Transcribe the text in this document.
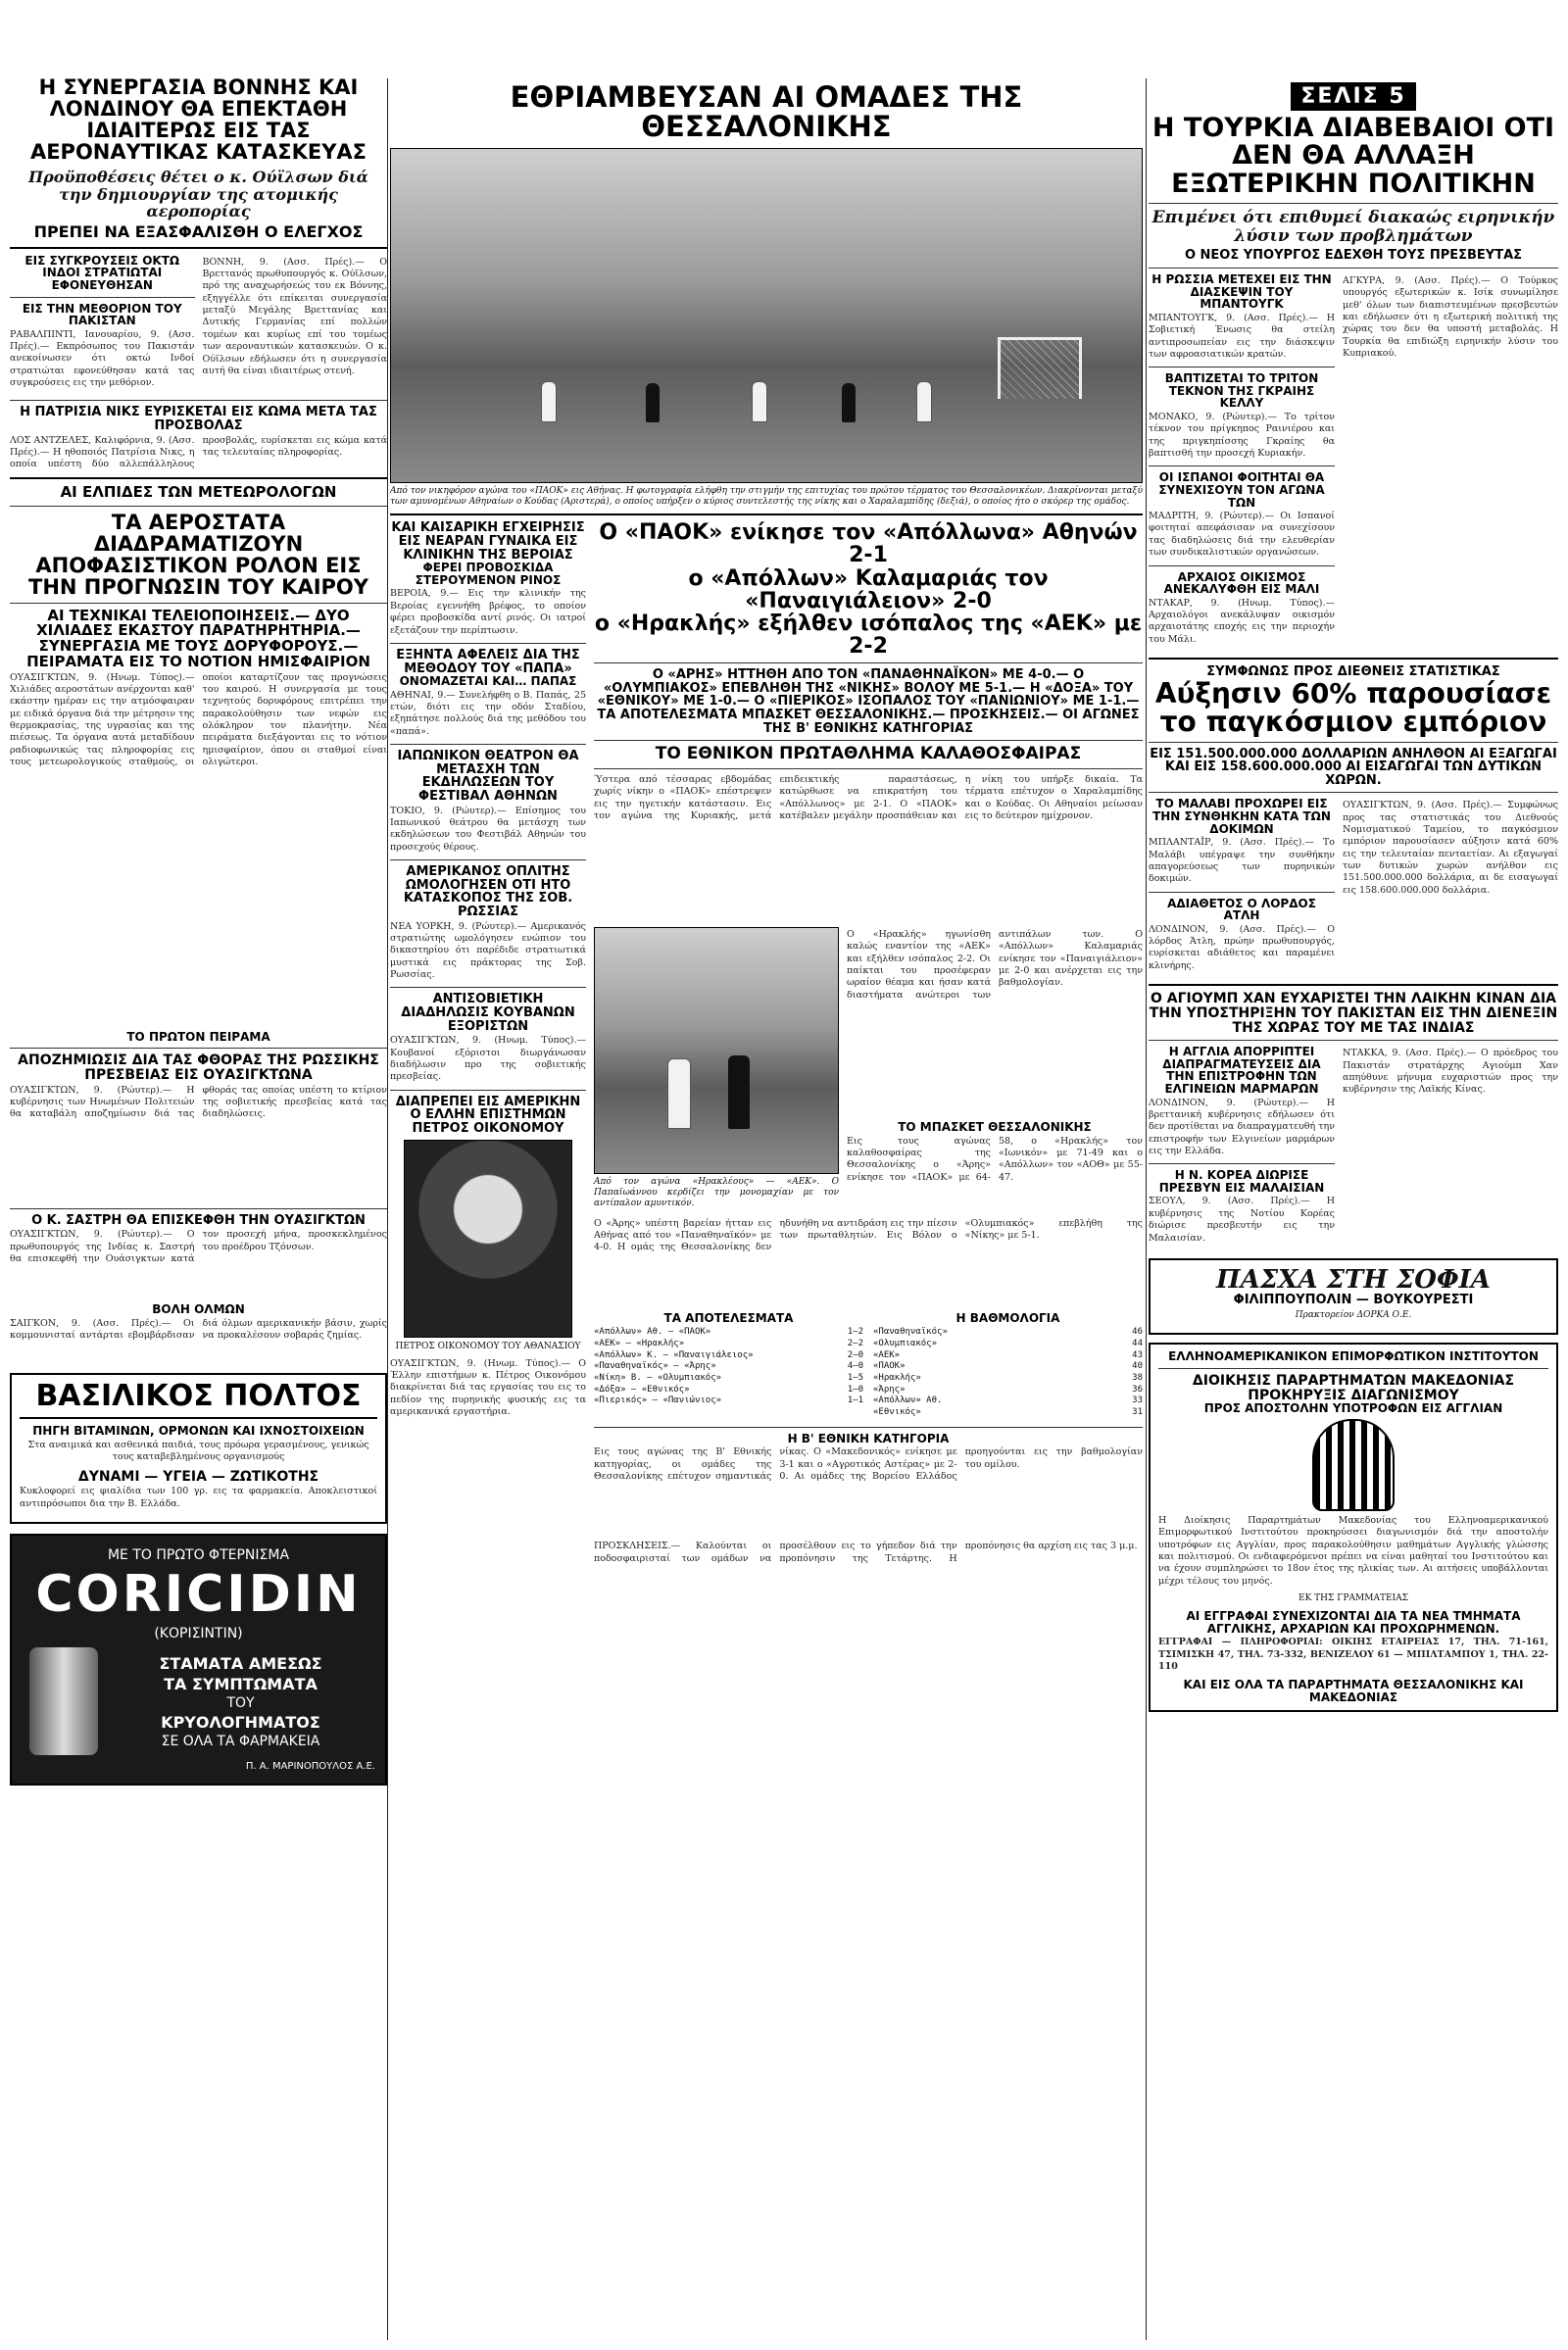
Η ΣΥΝΕΡΓΑΣΙΑ ΒΟΝΝΗΣ ΚΑΙ ΛΟΝΔΙΝΟΥ ΘΑ ΕΠΕΚΤΑΘΗ ΙΔΙΑΙΤΕΡΩΣ ΕΙΣ ΤΑΣ ΑΕΡΟΝΑΥΤΙΚΑΣ ΚΑΤΑΣΚΕΥΑΣ

Προϋποθέσεις θέτει ο κ. Ούϊλσων διά την δημιουργίαν της ατομικής αεροπορίας

ΠΡΕΠΕΙ ΝΑ ΕΞΑΣΦΑΛΙΣΘΗ Ο ΕΛΕΓΧΟΣ
ΕΙΣ ΣΥΓΚΡΟΥΣΕΙΣ ΟΚΤΩ ΙΝΔΟΙ ΣΤΡΑΤΙΩΤΑΙ ΕΦΟΝΕΥΘΗΣΑΝ
ΕΙΣ ΤΗΝ ΜΕΘΟΡΙΟΝ ΤΟΥ ΠΑΚΙΣΤΑΝ

ΡΑΒΑΛΠΙΝΤΙ, Ιανουαρίου, 9. (Ασσ. Πρές).— Εκπρόσωπος του Πακιστάν ανεκοίνωσεν ότι οκτώ Ινδοί στρατιώται εφονεύθησαν κατά τας συγκρούσεις εις την μεθόριον.

ΒΟΝΝΗ, 9. (Ασσ. Πρές).— Ο Βρεττανός πρωθυπουργός κ. Ούϊλσων, πρό της αναχωρήσεώς του εκ Βόννης, εξηγγέλλε ότι επίκειται συνεργασία μεταξύ Μεγάλης Βρεττανίας και Δυτικής Γερμανίας επί πολλών τομέων και κυρίως επί του τομέως των αεροναυτικών κατασκευών. Ο κ. Ούϊλσων εδήλωσεν ότι η συνεργασία αυτή θα είναι ιδιαιτέρως στενή.

Η ΠΑΤΡΙΣΙΑ ΝΙΚΣ ΕΥΡΙΣΚΕΤΑΙ ΕΙΣ ΚΩΜΑ ΜΕΤΑ ΤΑΣ ΠΡΟΣΒΟΛΑΣ

ΛΟΣ ΑΝΤΖΕΛΕΣ, Καλιφόρνια, 9. (Ασσ. Πρές).— Η ηθοποιός Πατρίσια Νικς, η οποία υπέστη δύο αλλεπάλληλους προσβολάς, ευρίσκεται εις κώμα κατά τας τελευταίας πληροφορίας.

ΑΙ ΕΛΠΙΔΕΣ ΤΩΝ ΜΕΤΕΩΡΟΛΟΓΩΝ
ΤΑ ΑΕΡΟΣΤΑΤΑ ΔΙΑΔΡΑΜΑΤΙΖΟΥΝ ΑΠΟΦΑΣΙΣΤΙΚΟΝ ΡΟΛΟΝ ΕΙΣ ΤΗΝ ΠΡΟΓΝΩΣΙΝ ΤΟΥ ΚΑΙΡΟΥ
ΑΙ ΤΕΧΝΙΚΑΙ ΤΕΛΕΙΟΠΟΙΗΣΕΙΣ.— ΔΥΟ ΧΙΛΙΑΔΕΣ ΕΚΑΣΤΟΥ ΠΑΡΑΤΗΡΗΤΗΡΙΑ.— ΣΥΝΕΡΓΑΣΙΑ ΜΕ ΤΟΥΣ ΔΟΡΥΦΟΡΟΥΣ.— ΠΕΙΡΑΜΑΤΑ ΕΙΣ ΤΟ ΝΟΤΙΟΝ ΗΜΙΣΦΑΙΡΙΟΝ

ΟΥΑΣΙΓΚΤΩΝ, 9. (Ηνωμ. Τύπος).— Χιλιάδες αεροστάτων ανέρχονται καθ' εκάστην ημέραν εις την ατμόσφαιραν με ειδικά όργανα διά την μέτρησιν της θερμοκρασίας, της υγρασίας και της πιέσεως. Τα όργανα αυτά μεταδίδουν ραδιοφωνικώς τας πληροφορίας εις τους μετεωρολογικούς σταθμούς, οι οποίοι καταρτίζουν τας προγνώσεις του καιρού. Η συνεργασία με τους τεχνητούς δορυφόρους επιτρέπει την παρακολούθησιν των νεφών εις ολόκληρον τον πλανήτην. Νέα πειράματα διεξάγονται εις το νότιον ημισφαίριον, όπου οι σταθμοί είναι ολιγώτεροι.

ΤΟ ΠΡΩΤΟΝ ΠΕΙΡΑΜΑ
ΑΠΟΖΗΜΙΩΣΙΣ ΔΙΑ ΤΑΣ ΦΘΟΡΑΣ ΤΗΣ ΡΩΣΣΙΚΗΣ ΠΡΕΣΒΕΙΑΣ ΕΙΣ ΟΥΑΣΙΓΚΤΩΝΑ

ΟΥΑΣΙΓΚΤΩΝ, 9. (Ρώυτερ).— Η κυβέρνησις των Ηνωμένων Πολιτειών θα καταβάλη αποζημίωσιν διά τας φθοράς τας οποίας υπέστη το κτίριον της σοβιετικής πρεσβείας κατά τας διαδηλώσεις.

Ο Κ. ΣΑΣΤΡΗ ΘΑ ΕΠΙΣΚΕΦΘΗ ΤΗΝ ΟΥΑΣΙΓΚΤΩΝ

ΟΥΑΣΙΓΚΤΩΝ, 9. (Ρώυτερ).— Ο πρωθυπουργός της Ινδίας κ. Σαστρή θα επισκεφθή την Ουάσιγκτων κατά τον προσεχή μήνα, προσκεκλημένος του προέδρου Τζόνσων.

ΒΟΛΗ ΟΛΜΩΝ

ΣΑΙΓΚΟΝ, 9. (Ασσ. Πρές).— Οι κομμουνισταί αντάρται εβομβάρδισαν διά όλμων αμερικανικήν βάσιν, χωρίς να προκαλέσουν σοβαράς ζημίας.

ΒΑΣΙΛΙΚΟΣ ΠΟΛΤΟΣ
ΠΗΓΗ ΒΙΤΑΜΙΝΩΝ, ΟΡΜΟΝΩΝ ΚΑΙ ΙΧΝΟΣΤΟΙΧΕΙΩΝ

Στα αναιμικά και ασθενικά παιδιά, τους πρόωρα γερασμένους, γενικώς τους καταβεβλημένους οργανισμούς

ΔΥΝΑΜΙ — ΥΓΕΙΑ — ΖΩΤΙΚΟΤΗΣ

Κυκλοφορεί εις φιαλίδια των 100 γρ. εις τα φαρμακεία. Αποκλειστικοί αντιπρόσωποι δια την Β. Ελλάδα.

ΜΕ ΤΟ ΠΡΩΤΟ ΦΤΕΡΝΙΣΜΑ

CORICIDIN

(ΚΟΡΙΣΙΝΤΙΝ)

ΣΤΑΜΑΤΑ ΑΜΕΣΩΣ

ΤΑ ΣΥΜΠΤΩΜΑΤΑ

ΤΟΥ

ΚΡΥΟΛΟΓΗΜΑΤΟΣ

ΣΕ ΟΛΑ ΤΑ ΦΑΡΜΑΚΕΙΑ

Π. Α. ΜΑΡΙΝΟΠΟΥΛΟΣ Α.Ε.

ΕΘΡΙΑΜΒΕΥΣΑΝ ΑΙ ΟΜΑΔΕΣ ΤΗΣ ΘΕΣΣΑΛΟΝΙΚΗΣ

Από τον νικηφόρον αγώνα του «ΠΑΟΚ» εις Αθήνας. Η φωτογραφία ελήφθη την στιγμήν της επιτυχίας του πρώτου τέρματος του Θεσσαλονικέων. Διακρίνονται μεταξύ των αμυνομένων Αθηναίων ο Κούδας (Αριστερά), ο οποίος υπήρξεν ο κύριος συντελεστής της νίκης και ο Χαραλαμπίδης (δεξιά), ο οποίος ήτο ο σκόρερ της ομάδος.

ΚΑΙ ΚΑΙΣΑΡΙΚΗ ΕΓΧΕΙΡΗΣΙΣ ΕΙΣ ΝΕΑΡΑΝ ΓΥΝΑΙΚΑ ΕΙΣ ΚΛΙΝΙΚΗΝ ΤΗΣ ΒΕΡΟΙΑΣ
ΦΕΡΕΙ ΠΡΟΒΟΣΚΙΔΑ ΣΤΕΡΟΥΜΕΝΟΝ ΡΙΝΟΣ

ΒΕΡΟΙΑ, 9.— Εις την κλινικήν της Βεροίας εγεννήθη βρέφος, το οποίον φέρει προβοσκίδα αντί ρινός. Οι ιατροί εξετάζουν την περίπτωσιν.

ΕΞΗΝΤΑ ΑΦΕΛΕΙΣ ΔΙΑ ΤΗΣ ΜΕΘΟΔΟΥ ΤΟΥ «ΠΑΠΑ»
ΟΝΟΜΑΖΕΤΑΙ ΚΑΙ… ΠΑΠΑΣ

ΑΘΗΝΑΙ, 9.— Συνελήφθη ο Β. Παπάς, 25 ετών, διότι εις την οδόν Σταδίου, εξηπάτησε πολλούς διά της μεθόδου του «παπά».

ΙΑΠΩΝΙΚΟΝ ΘΕΑΤΡΟΝ ΘΑ ΜΕΤΑΣΧΗ ΤΩΝ ΕΚΔΗΛΩΣΕΩΝ ΤΟΥ ΦΕΣΤΙΒΑΛ ΑΘΗΝΩΝ

ΤΟΚΙΟ, 9. (Ρώυτερ).— Επίσημος του Ιαπωνικού θεάτρου θα μετάσχη των εκδηλώσεων του Φεστιβάλ Αθηνών του προσεχούς θέρους.

ΑΜΕΡΙΚΑΝΟΣ ΟΠΛΙΤΗΣ ΩΜΟΛΟΓΗΣΕΝ ΟΤΙ ΗΤΟ ΚΑΤΑΣΚΟΠΟΣ ΤΗΣ ΣΟΒ. ΡΩΣΣΙΑΣ

ΝΕΑ ΥΟΡΚΗ, 9. (Ρώυτερ).— Αμερικανός στρατιώτης ωμολόγησεν ενώπιον του δικαστηρίου ότι παρέδιδε στρατιωτικά μυστικά εις πράκτορας της Σοβ. Ρωσσίας.

ΑΝΤΙΣΟΒΙΕΤΙΚΗ ΔΙΑΔΗΛΩΣΙΣ ΚΟΥΒΑΝΩΝ ΕΞΟΡΙΣΤΩΝ

ΟΥΑΣΙΓΚΤΩΝ, 9. (Ηνωμ. Τύπος).— Κουβανοί εξόριστοι διωργάνωσαν διαδήλωσιν προ της σοβιετικής πρεσβείας.

ΔΙΑΠΡΕΠΕΙ ΕΙΣ ΑΜΕΡΙΚΗΝ Ο ΕΛΛΗΝ ΕΠΙΣΤΗΜΩΝ ΠΕΤΡΟΣ ΟΙΚΟΝΟΜΟΥ

ΠΕΤΡΟΣ ΟΙΚΟΝΟΜΟΥ ΤΟΥ ΑΘΑΝΑΣΙΟΥ

ΟΥΑΣΙΓΚΤΩΝ, 9. (Ηνωμ. Τύπος).— Ο Έλλην επιστήμων κ. Πέτρος Οικονόμου διακρίνεται διά τας εργασίας του εις το πεδίον της πυρηνικής φυσικής εις τα αμερικανικά εργαστήρια.

Ο «ΠΑΟΚ» ενίκησε τον «Απόλλωνα» Αθηνών 2-1
ο «Απόλλων» Καλαμαριάς τον «Παναιγιάλειον» 2-0
ο «Ηρακλής» εξήλθεν ισόπαλος της «ΑΕΚ» με 2-2
Ο «ΑΡΗΣ» ΗΤΤΗΘΗ ΑΠΟ ΤΟΝ «ΠΑΝΑΘΗΝΑΪΚΟΝ» ΜΕ 4-0.— Ο «ΟΛΥΜΠΙΑΚΟΣ» ΕΠΕΒΛΗΘΗ ΤΗΣ «ΝΙΚΗΣ» ΒΟΛΟΥ ΜΕ 5-1.— Η «ΔΟΞΑ» ΤΟΥ «ΕΘΝΙΚΟΥ» ΜΕ 1-0.— Ο «ΠΙΕΡΙΚΟΣ» ΙΣΟΠΑΛΟΣ ΤΟΥ «ΠΑΝΙΩΝΙΟΥ» ΜΕ 1-1.— ΤΑ ΑΠΟΤΕΛΕΣΜΑΤΑ ΜΠΑΣΚΕΤ ΘΕΣΣΑΛΟΝΙΚΗΣ.— ΠΡΟΣΚΗΣΕΙΣ.— ΟΙ ΑΓΩΝΕΣ ΤΗΣ Β' ΕΘΝΙΚΗΣ ΚΑΤΗΓΟΡΙΑΣ
ΤΟ ΕΘΝΙΚΟΝ ΠΡΩΤΑΘΛΗΜΑ ΚΑΛΑΘΟΣΦΑΙΡΑΣ

Ύστερα από τέσσαρας εβδομάδας χωρίς νίκην ο «ΠΑΟΚ» επέστρεψεν εις την ηγετικήν κατάστασιν. Εις τον αγώνα της Κυριακής, μετά επιδεικτικής παραστάσεως, κατώρθωσε να επικρατήση του «Απόλλωνος» με 2-1. Ο «ΠΑΟΚ» κατέβαλεν μεγάλην προσπάθειαν και η νίκη του υπήρξε δικαία. Τα τέρματα επέτυχον ο Χαραλαμπίδης και ο Κούδας. Οι Αθηναίοι μείωσαν εις το δεύτερον ημίχρονον.

Από τον αγώνα «Ηρακλέους» — «ΑΕΚ». Ο Παπαϊωάννου κερδίζει την μονομαχίαν με τον αντίπαλον αμυντικόν.

Ο «Ηρακλής» ηγωνίσθη καλώς εναντίον της «ΑΕΚ» και εξήλθεν ισόπαλος 2-2. Οι παίκται του προσέφεραν ωραίον θέαμα και ήσαν κατά διαστήματα ανώτεροι των αντιπάλων των. Ο «Απόλλων» Καλαμαριάς ενίκησε τον «Παναιγιάλειον» με 2-0 και ανέρχεται εις την βαθμολογίαν.

ΤΟ ΜΠΑΣΚΕΤ ΘΕΣΣΑΛΟΝΙΚΗΣ

Εις τους αγώνας καλαθοσφαίρας της Θεσσαλονίκης ο «Άρης» ενίκησε τον «ΠΑΟΚ» με 64-58, ο «Ηρακλής» τον «Ιωνικόν» με 71-49 και ο «Απόλλων» τον «ΑΟΘ» με 55-47.

Ο «Άρης» υπέστη βαρείαν ήτταν εις Αθήνας από τον «Παναθηναϊκόν» με 4-0. Η ομάς της Θεσσαλονίκης δεν ηδυνήθη να αντιδράση εις την πίεσιν των πρωταθλητών. Εις Βόλον ο «Ολυμπιακός» επεβλήθη της «Νίκης» με 5-1.

ΤΑ ΑΠΟΤΕΛΕΣΜΑΤΑ
«Απόλλων» Αθ. — «ΠΑΟΚ»	1—2
«ΑΕΚ» — «Ηρακλής»	2—2
«Απόλλων» Κ. — «Παναιγιάλειος»	2—0
«Παναθηναϊκός» — «Άρης»	4—0
«Νίκη» Β. — «Ολυμπιακός»	1—5
«Δόξα» — «Εθνικός»	1—0
«Πιερικός» — «Πανιώνιος»	1—1
Η ΒΑΘΜΟΛΟΓΙΑ
«Παναθηναϊκός»	46
«Ολυμπιακός»	44
«ΑΕΚ»	43
«ΠΑΟΚ»	40
«Ηρακλής»	38
«Άρης»	36
«Απόλλων» Αθ.	33
«Εθνικός»	31
Η Β' ΕΘΝΙΚΗ ΚΑΤΗΓΟΡΙΑ

Εις τους αγώνας της Β' Εθνικής κατηγορίας, οι ομάδες της Θεσσαλονίκης επέτυχον σημαντικάς νίκας. Ο «Μακεδονικός» ενίκησε με 3-1 και ο «Αγροτικός Αστέρας» με 2-0. Αι ομάδες της Βορείου Ελλάδος προηγούνται εις την βαθμολογίαν του ομίλου.

ΠΡΟΣΚΛΗΣΕΙΣ.— Καλούνται οι ποδοσφαιρισταί των ομάδων να προσέλθουν εις το γήπεδον διά την προπόνησιν της Τετάρτης. Η προπόνησις θα αρχίση εις τας 3 μ.μ.

ΣΕΛΙΣ 5
Η ΤΟΥΡΚΙΑ ΔΙΑΒΕΒΑΙΟΙ ΟΤΙ ΔΕΝ ΘΑ ΑΛΛΑΞΗ ΕΞΩΤΕΡΙΚΗΝ ΠΟΛΙΤΙΚΗΝ

Επιμένει ότι επιθυμεί διακαώς ειρηνικήν λύσιν των προβλημάτων

Ο ΝΕΟΣ ΥΠΟΥΡΓΟΣ ΕΔΕΧΘΗ ΤΟΥΣ ΠΡΕΣΒΕΥΤΑΣ
Η ΡΩΣΣΙΑ ΜΕΤΕΧΕΙ ΕΙΣ ΤΗΝ ΔΙΑΣΚΕΨΙΝ ΤΟΥ ΜΠΑΝΤΟΥΓΚ

ΜΠΑΝΤΟΥΓΚ, 9. (Ασσ. Πρές).— Η Σοβιετική Ένωσις θα στείλη αντιπροσωπείαν εις την διάσκεψιν των αφροασιατικών κρατών.

ΒΑΠΤΙΖΕΤΑΙ ΤΟ ΤΡΙΤΟΝ ΤΕΚΝΟΝ ΤΗΣ ΓΚΡΑΙΗΣ ΚΕΛΛΥ

ΜΟΝΑΚΟ, 9. (Ρώυτερ).— Το τρίτον τέκνον του πρίγκηπος Ραινιέρου και της πριγκηπίσσης Γκραίης θα βαπτισθή την προσεχή Κυριακήν.

ΟΙ ΙΣΠΑΝΟΙ ΦΟΙΤΗΤΑΙ ΘΑ ΣΥΝΕΧΙΣΟΥΝ ΤΟΝ ΑΓΩΝΑ ΤΩΝ

ΜΑΔΡΙΤΗ, 9. (Ρώυτερ).— Οι Ισπανοί φοιτηταί απεφάσισαν να συνεχίσουν τας διαδηλώσεις διά την ελευθερίαν των συνδικαλιστικών οργανώσεων.

ΑΡΧΑΙΟΣ ΟΙΚΙΣΜΟΣ ΑΝΕΚΑΛΥΦΘΗ ΕΙΣ ΜΑΛΙ

ΝΤΑΚΑΡ, 9. (Ηνωμ. Τύπος).— Αρχαιολόγοι ανεκάλυψαν οικισμόν αρχαιοτάτης εποχής εις την περιοχήν του Μάλι.

ΑΓΚΥΡΑ, 9. (Ασσ. Πρές).— Ο Τούρκος υπουργός εξωτερικών κ. Ισίκ συνωμίλησε μεθ' όλων των διαπιστευμένων πρεσβευτών και εδήλωσεν ότι η εξωτερική πολιτική της χώρας του δεν θα υποστή μεταβολάς. Η Τουρκία θα επιδιώξη ειρηνικήν λύσιν του Κυπριακού.

ΣΥΜΦΩΝΩΣ ΠΡΟΣ ΔΙΕΘΝΕΙΣ ΣΤΑΤΙΣΤΙΚΑΣ
Αύξησιν 60% παρουσίασε το παγκόσμιον εμπόριον
ΕΙΣ 151.500.000.000 ΔΟΛΛΑΡΙΩΝ ΑΝΗΛΘΟΝ ΑΙ ΕΞΑΓΩΓΑΙ ΚΑΙ ΕΙΣ 158.600.000.000 ΑΙ ΕΙΣΑΓΩΓΑΙ ΤΩΝ ΔΥΤΙΚΩΝ ΧΩΡΩΝ.
ΤΟ ΜΑΛΑΒΙ ΠΡΟΧΩΡΕΙ ΕΙΣ ΤΗΝ ΣΥΝΘΗΚΗΝ ΚΑΤΑ ΤΩΝ ΔΟΚΙΜΩΝ

ΜΠΛΑΝΤΑΪΡ, 9. (Ασσ. Πρές).— Το Μαλάβι υπέγραψε την συνθήκην απαγορεύσεως των πυρηνικών δοκιμών.

ΑΔΙΑΘΕΤΟΣ Ο ΛΟΡΔΟΣ ΑΤΛΗ

ΛΟΝΔΙΝΟΝ, 9. (Ασσ. Πρές).— Ο λόρδος Άτλη, πρώην πρωθυπουργός, ευρίσκεται αδιάθετος και παραμένει κλινήρης.

ΟΥΑΣΙΓΚΤΩΝ, 9. (Ασσ. Πρές).— Συμφώνως προς τας στατιστικάς του Διεθνούς Νομισματικού Ταμείου, το παγκόσμιον εμπόριον παρουσίασεν αύξησιν κατά 60% εις την τελευταίαν πενταετίαν. Αι εξαγωγαί των δυτικών χωρών ανήλθον εις 151.500.000.000 δολλάρια, αι δε εισαγωγαί εις 158.600.000.000 δολλάρια.

Ο ΑΓΙΟΥΜΠ ΧΑΝ ΕΥΧΑΡΙΣΤΕΙ ΤΗΝ ΛΑΙΚΗΝ ΚΙΝΑΝ ΔΙΑ ΤΗΝ ΥΠΟΣΤΗΡΙΞΗΝ ΤΟΥ ΠΑΚΙΣΤΑΝ ΕΙΣ ΤΗΝ ΔΙΕΝΕΞΙΝ ΤΗΣ ΧΩΡΑΣ ΤΟΥ ΜΕ ΤΑΣ ΙΝΔΙΑΣ
Η ΑΓΓΛΙΑ ΑΠΟΡΡΙΠΤΕΙ ΔΙΑΠΡΑΓΜΑΤΕΥΣΕΙΣ ΔΙΑ ΤΗΝ ΕΠΙΣΤΡΟΦΗΝ ΤΩΝ ΕΛΓΙΝΕΙΩΝ ΜΑΡΜΑΡΩΝ

ΛΟΝΔΙΝΟΝ, 9. (Ρώυτερ).— Η βρεττανική κυβέρνησις εδήλωσεν ότι δεν προτίθεται να διαπραγματευθή την επιστροφήν των Ελγινείων μαρμάρων εις την Ελλάδα.

Η Ν. ΚΟΡΕΑ ΔΙΩΡΙΣΕ ΠΡΕΣΒΥΝ ΕΙΣ ΜΑΛΑΙΣΙΑΝ

ΣΕΟΥΛ, 9. (Ασσ. Πρές).— Η κυβέρνησις της Νοτίου Κορέας διώρισε πρεσβευτήν εις την Μαλαισίαν.

ΝΤΑΚΚΑ, 9. (Ασσ. Πρές).— Ο πρόεδρος του Πακιστάν στρατάρχης Αγιούμπ Χαν απηύθυνε μήνυμα ευχαριστιών προς την κυβέρνησιν της Λαϊκής Κίνας.

ΠΑΣΧΑ ΣΤΗ ΣΟΦΙΑ
ΦΙΛΙΠΠΟΥΠΟΛΙΝ — ΒΟΥΚΟΥΡΕΣΤΙ

Πρακτορείον ΔΟΡΚΑ Ο.Ε.

ΕΛΛΗΝΟΑΜΕΡΙΚΑΝΙΚΟΝ ΕΠΙΜΟΡΦΩΤΙΚΟΝ ΙΝΣΤΙΤΟΥΤΟΝ
ΔΙΟΙΚΗΣΙΣ ΠΑΡΑΡΤΗΜΑΤΩΝ ΜΑΚΕΔΟΝΙΑΣ
ΠΡΟΚΗΡΥΞΙΣ ΔΙΑΓΩΝΙΣΜΟΥ
ΠΡΟΣ ΑΠΟΣΤΟΛΗΝ ΥΠΟΤΡΟΦΩΝ ΕΙΣ ΑΓΓΛΙΑΝ

Η Διοίκησις Παραρτημάτων Μακεδονίας του Ελληνοαμερικανικού Επιμορφωτικού Ινστιτούτου προκηρύσσει διαγωνισμόν διά την αποστολήν υποτρόφων εις Αγγλίαν, προς παρακολούθησιν μαθημάτων Αγγλικής γλώσσης και πολιτισμού. Οι ενδιαφερόμενοι πρέπει να είναι μαθηταί του Ινστιτούτου και να έχουν συμπληρώσει το 18ον έτος της ηλικίας των. Αι αιτήσεις υποβάλλονται μέχρι τέλους του μηνός.

ΕΚ ΤΗΣ ΓΡΑΜΜΑΤΕΙΑΣ

ΑΙ ΕΓΓΡΑΦΑΙ ΣΥΝΕΧΙΖΟΝΤΑΙ ΔΙΑ ΤΑ ΝΕΑ ΤΜΗΜΑΤΑ ΑΓΓΛΙΚΗΣ, ΑΡΧΑΡΙΩΝ ΚΑΙ ΠΡΟΧΩΡΗΜΕΝΩΝ.

ΕΓΓΡΑΦΑΙ — ΠΛΗΡΟΦΟΡΙΑΙ: ΟΙΚΙΗΣ ΕΤΑΙΡΕΙΑΣ 17, ΤΗΛ. 71-161, ΤΣΙΜΙΣΚΗ 47, ΤΗΛ. 73-332, ΒΕΝΙΖΕΛΟΥ 61 — ΜΠΙΛΤΑΜΠΟΥ 1, ΤΗΛ. 22-110

ΚΑΙ ΕΙΣ ΟΛΑ ΤΑ ΠΑΡΑΡΤΗΜΑΤΑ ΘΕΣΣΑΛΟΝΙΚΗΣ ΚΑΙ ΜΑΚΕΔΟΝΙΑΣ
